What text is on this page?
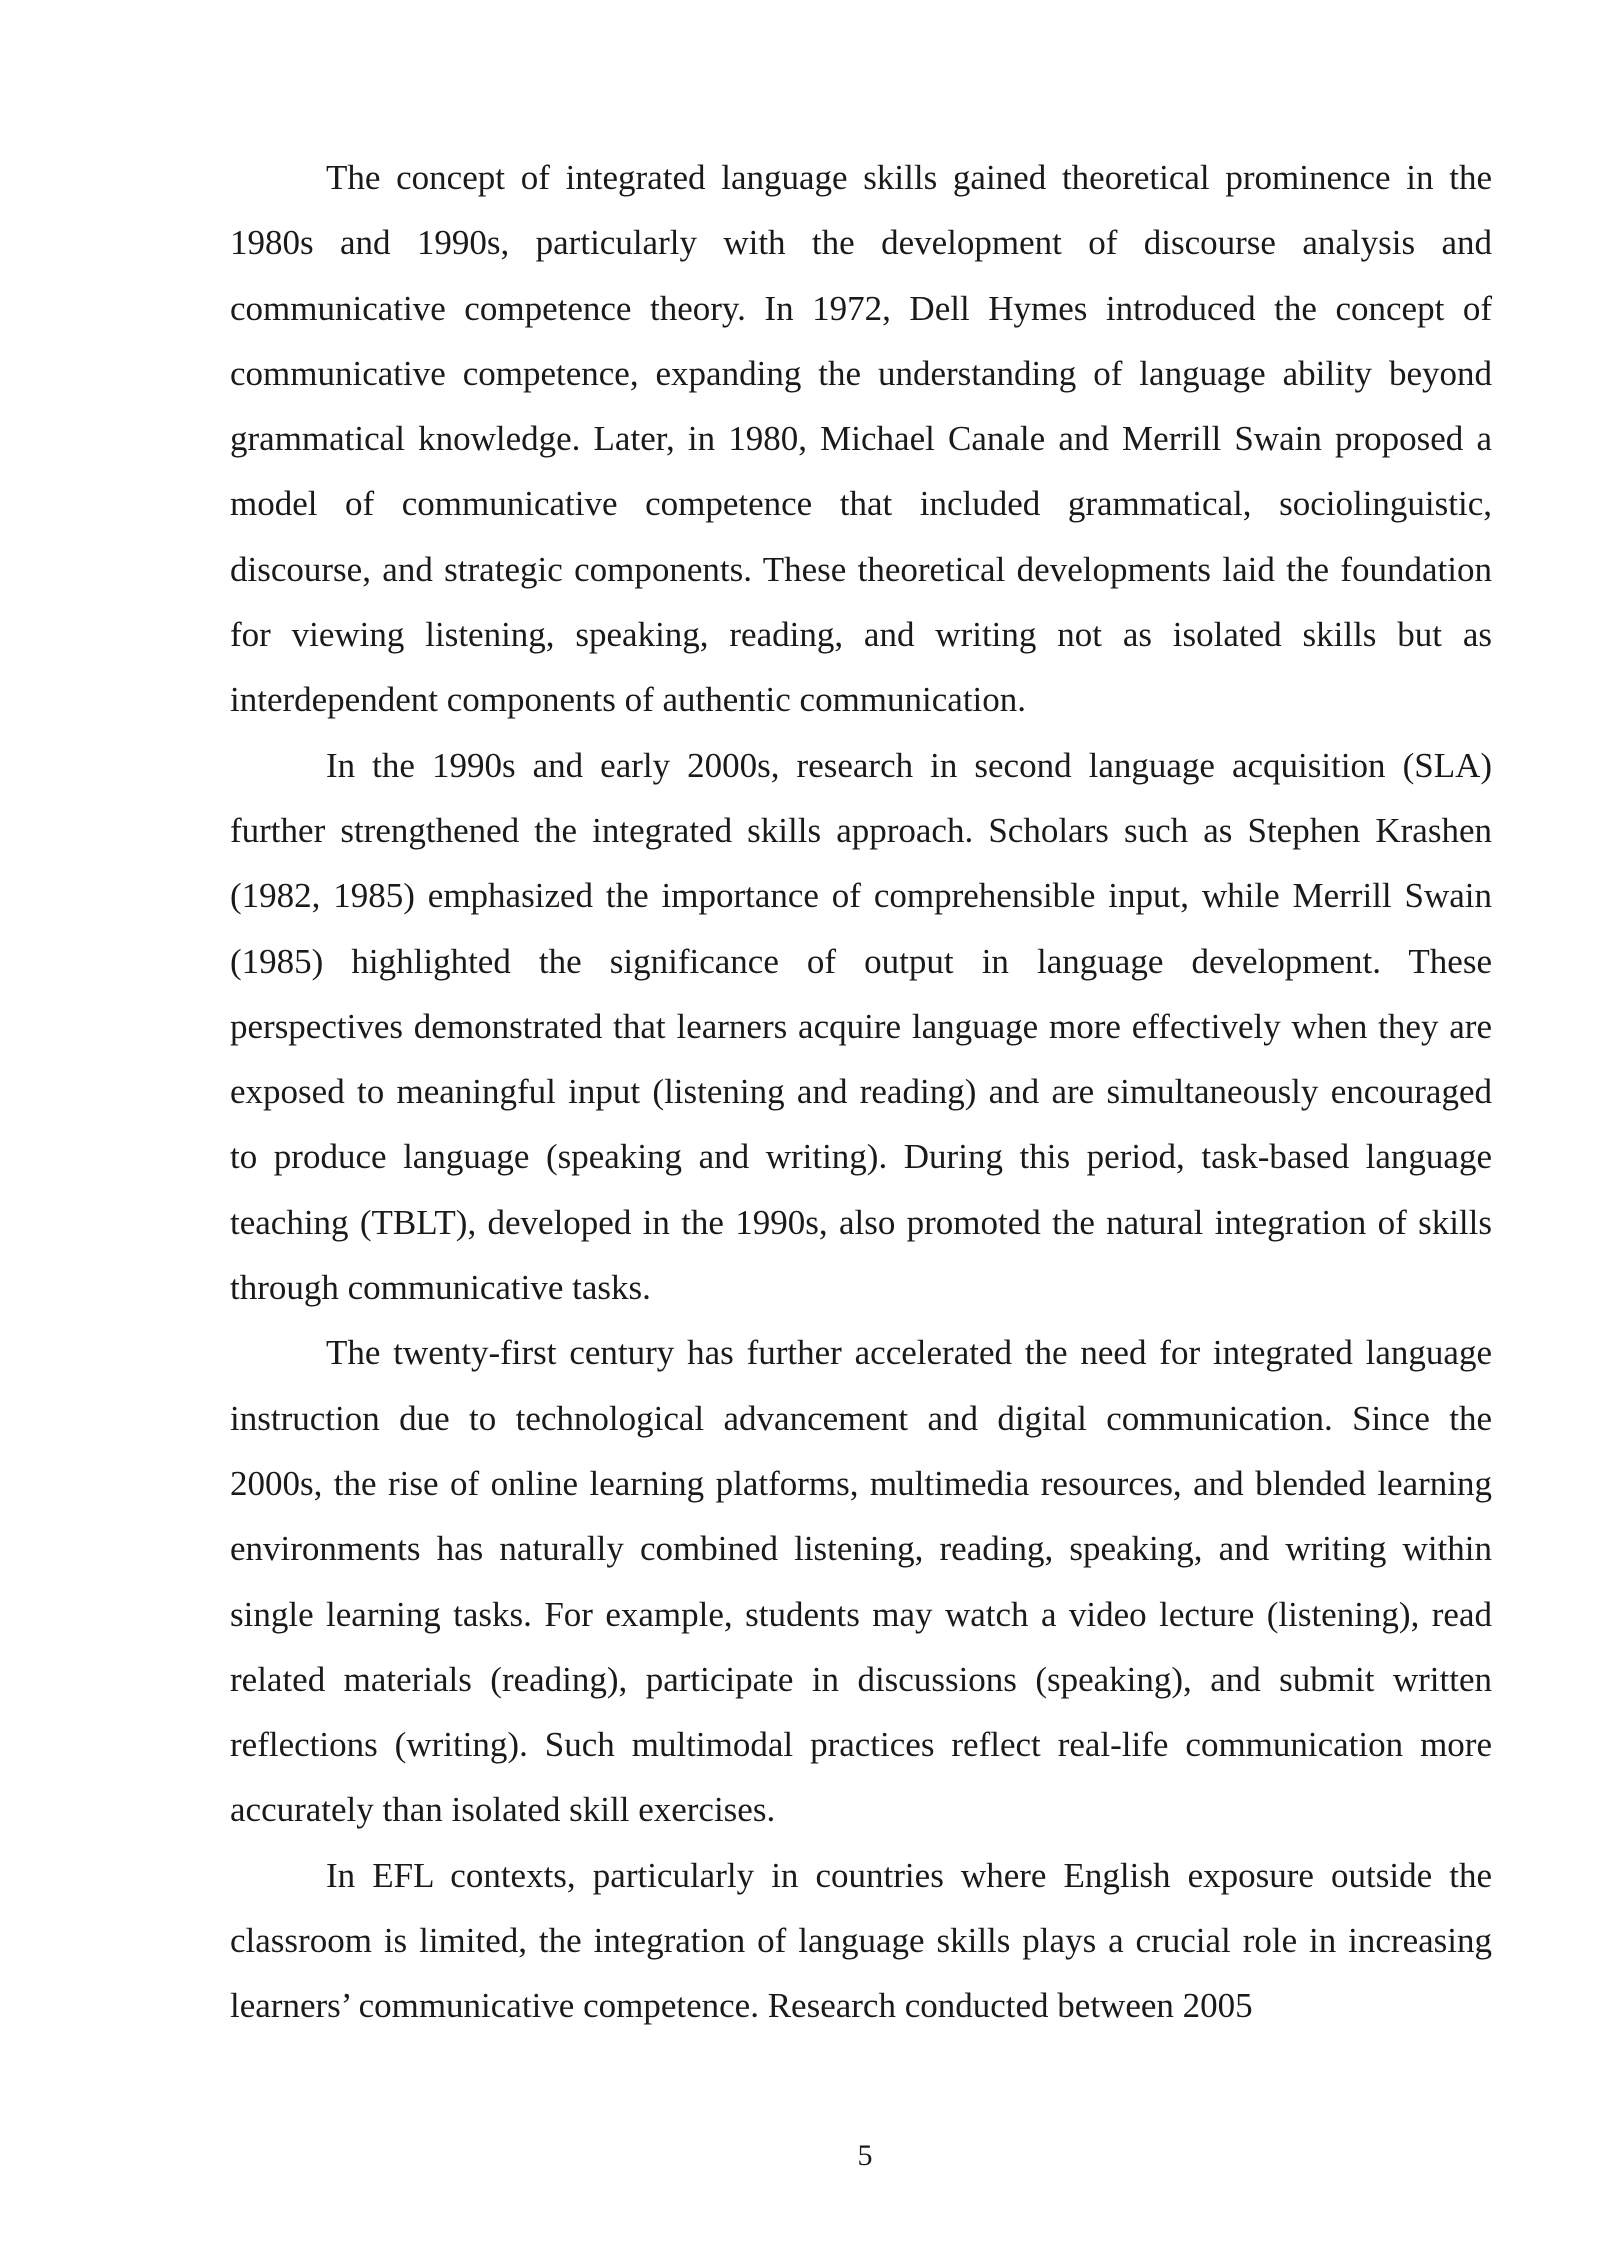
The concept of integrated language skills gained theoretical prominence in the 1980s and 1990s, particularly with the development of discourse analysis and communicative competence theory. In 1972, Dell Hymes introduced the concept of communicative competence, expanding the understanding of language ability beyond grammatical knowledge. Later, in 1980, Michael Canale and Merrill Swain proposed a model of communicative competence that included grammatical, sociolinguistic, discourse, and strategic components. These theoretical developments laid the foundation for viewing listening, speaking, reading, and writing not as isolated skills but as interdependent components of authentic communication.

In the 1990s and early 2000s, research in second language acquisition (SLA) further strengthened the integrated skills approach. Scholars such as Stephen Krashen (1982, 1985) emphasized the importance of comprehensible input, while Merrill Swain (1985) highlighted the significance of output in language development. These perspectives demonstrated that learners acquire language more effectively when they are exposed to meaningful input (listening and reading) and are simultaneously encouraged to produce language (speaking and writing). During this period, task-based language teaching (TBLT), developed in the 1990s, also promoted the natural integration of skills through communicative tasks.

The twenty-first century has further accelerated the need for integrated language instruction due to technological advancement and digital communication. Since the 2000s, the rise of online learning platforms, multimedia resources, and blended learning environments has naturally combined listening, reading, speaking, and writing within single learning tasks. For example, students may watch a video lecture (listening), read related materials (reading), participate in discussions (speaking), and submit written reflections (writing). Such multimodal practices reflect real-life communication more accurately than isolated skill exercises.

In EFL contexts, particularly in countries where English exposure outside the classroom is limited, the integration of language skills plays a crucial role in increasing learners’ communicative competence. Research conducted between 2005

5
